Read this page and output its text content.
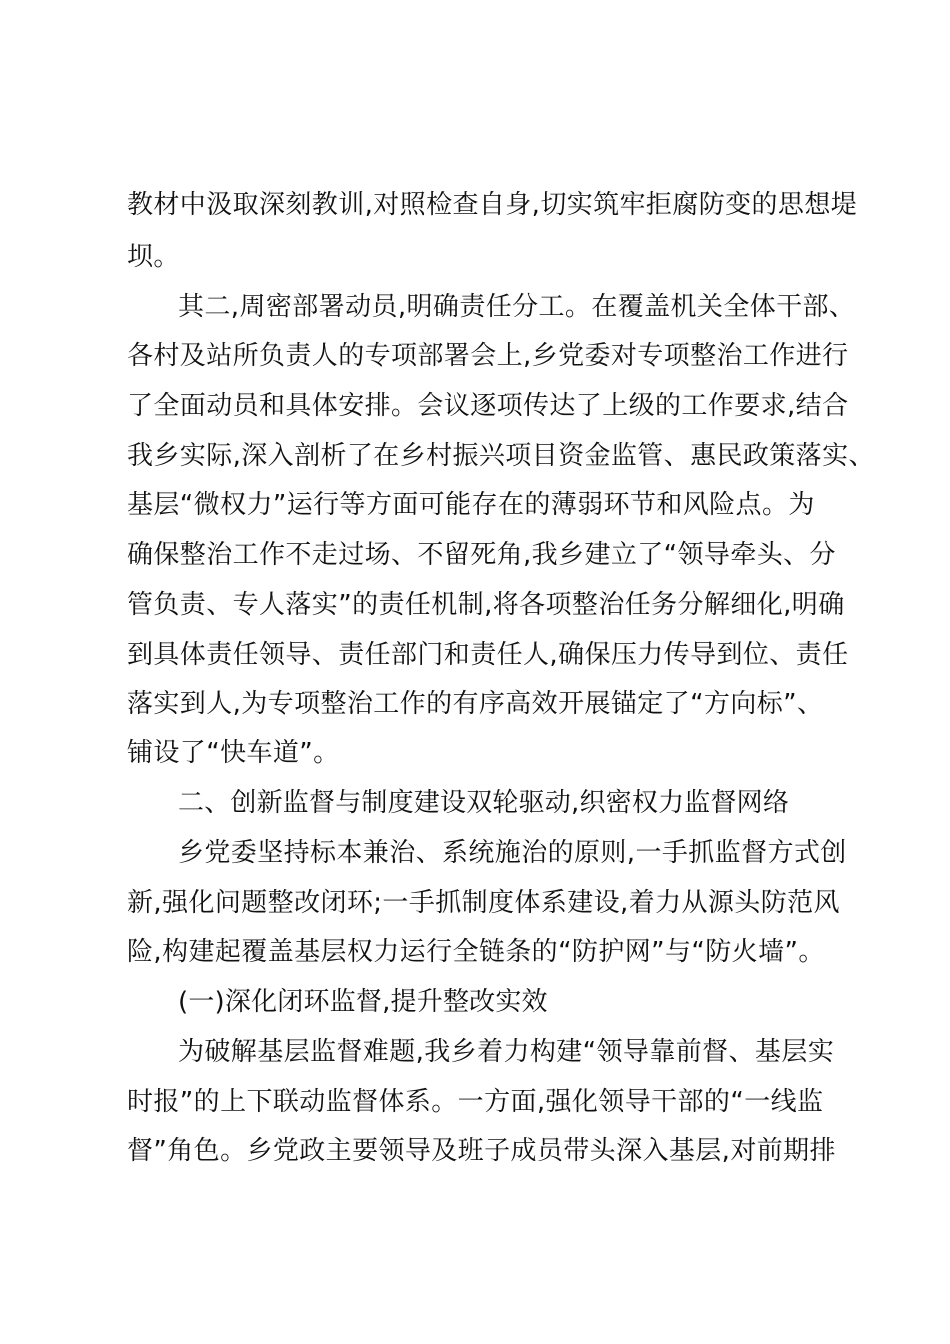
教材中汲取深刻教训,对照检查自身,切实筑牢拒腐防变的思想堤
坝。
其二,周密部署动员,明确责任分工。在覆盖机关全体干部、
各村及站所负责人的专项部署会上,乡党委对专项整治工作进行
了全面动员和具体安排。会议逐项传达了上级的工作要求,结合
我乡实际,深入剖析了在乡村振兴项目资金监管、惠民政策落实、
基层“微权力”运行等方面可能存在的薄弱环节和风险点。为
确保整治工作不走过场、不留死角,我乡建立了“领导牵头、分
管负责、专人落实”的责任机制,将各项整治任务分解细化,明确
到具体责任领导、责任部门和责任人,确保压力传导到位、责任
落实到人,为专项整治工作的有序高效开展锚定了“方向标”、
铺设了“快车道”。
二、创新监督与制度建设双轮驱动,织密权力监督网络
乡党委坚持标本兼治、系统施治的原则,一手抓监督方式创
新,强化问题整改闭环;一手抓制度体系建设,着力从源头防范风
险,构建起覆盖基层权力运行全链条的“防护网”与“防火墙”。
(一)深化闭环监督,提升整改实效
为破解基层监督难题,我乡着力构建“领导靠前督、基层实
时报”的上下联动监督体系。一方面,强化领导干部的“一线监
督”角色。乡党政主要领导及班子成员带头深入基层,对前期排
